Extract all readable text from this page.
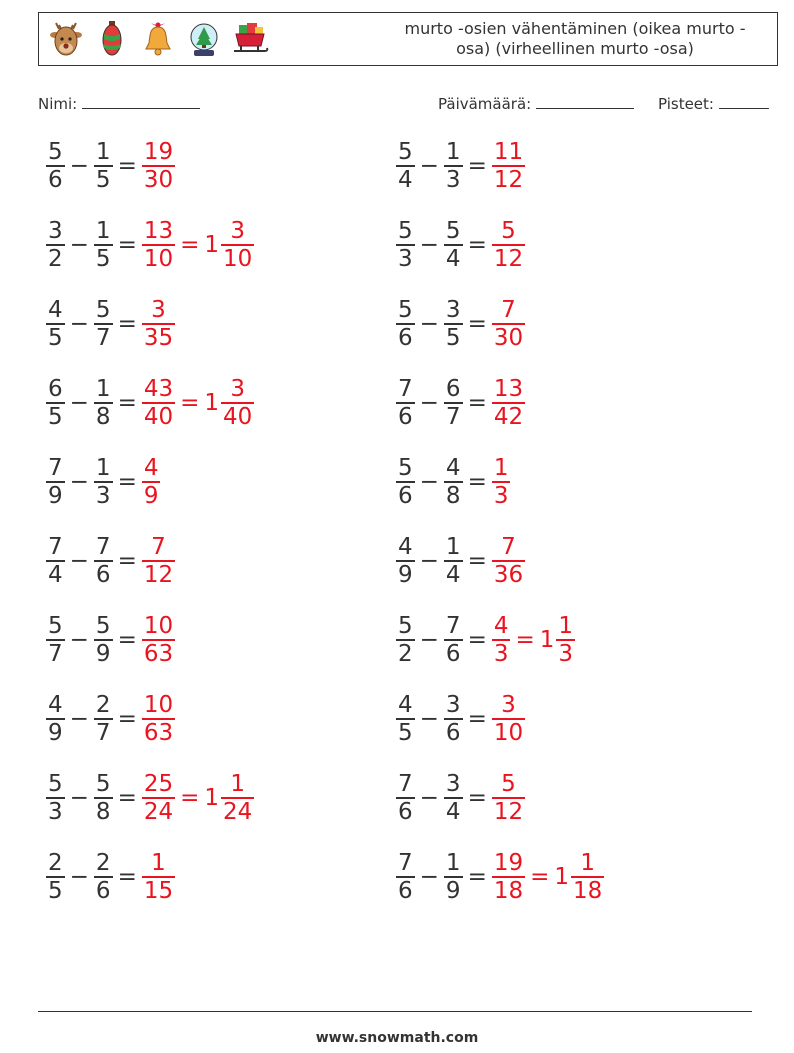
murto -osien vähentäminen (oikea murto -osa) (virheellinen murto -osa)
Nimi:	Päivämäärä:	Pisteet:
$\frac{5}{6} - \frac{1}{5} = \frac{19}{30}$	$\frac{5}{4} - \frac{1}{3} = \frac{11}{12}$
$\frac{3}{2} - \frac{1}{5} = \frac{13}{10} = 1 \frac{3}{10}$	$\frac{5}{3} - \frac{5}{4} = \frac{5}{12}$
$\frac{4}{5} - \frac{5}{7} = \frac{3}{35}$	$\frac{5}{6} - \frac{3}{5} = \frac{7}{30}$
$\frac{6}{5} - \frac{1}{8} = \frac{43}{40} = 1 \frac{3}{40}$	$\frac{7}{6} - \frac{6}{7} = \frac{13}{42}$
$\frac{7}{9} - \frac{1}{3} = \frac{4}{9}$	$\frac{5}{6} - \frac{4}{8} = \frac{1}{3}$
$\frac{7}{4} - \frac{7}{6} = \frac{7}{12}$	$\frac{4}{9} - \frac{1}{4} = \frac{7}{36}$
$\frac{5}{7} - \frac{5}{9} = \frac{10}{63}$	$\frac{5}{2} - \frac{7}{6} = \frac{4}{3} = 1 \frac{1}{3}$
$\frac{4}{9} - \frac{2}{7} = \frac{10}{63}$	$\frac{4}{5} - \frac{3}{6} = \frac{3}{10}$
$\frac{5}{3} - \frac{5}{8} = \frac{25}{24} = 1 \frac{1}{24}$	$\frac{7}{6} - \frac{3}{4} = \frac{5}{12}$
$\frac{2}{5} - \frac{2}{6} = \frac{1}{15}$	$\frac{7}{6} - \frac{1}{9} = \frac{19}{18} = 1 \frac{1}{18}$
www.snowmath.com
